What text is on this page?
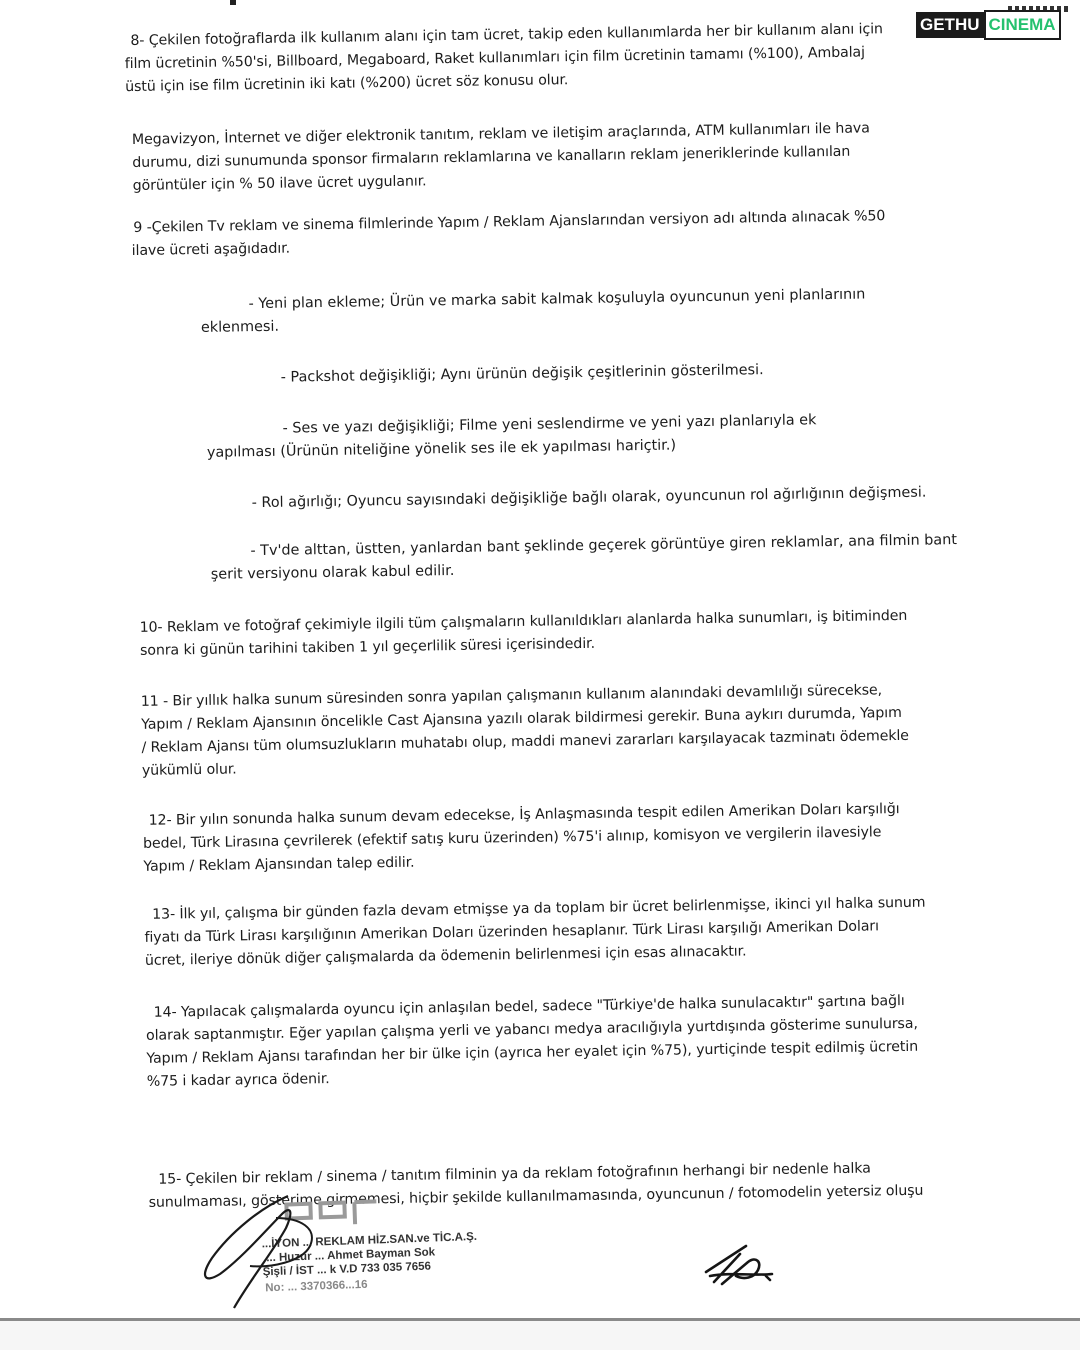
GETHU CINEMA
8- Çekilen fotoğraflarda ilk kullanım alanı için tam ücret, takip eden kullanımlarda her bir kullanım alanı için
film ücretinin %50'si, Billboard, Megaboard, Raket kullanımları için film ücretinin tamamı (%100), Ambalaj
üstü için ise film ücretinin iki katı (%200) ücret söz konusu olur.
Megavizyon, İnternet ve diğer elektronik tanıtım, reklam ve iletişim araçlarında, ATM kullanımları ile hava
durumu, dizi sunumunda sponsor firmaların reklamlarına ve kanalların reklam jeneriklerinde kullanılan
görüntüler için % 50 ilave ücret uygulanır.
9 -Çekilen Tv reklam ve sinema filmlerinde Yapım / Reklam Ajanslarından versiyon adı altında alınacak %50
ilave ücreti aşağıdadır.
- Yeni plan ekleme; Ürün ve marka sabit kalmak koşuluyla oyuncunun yeni planlarının
eklenmesi.
- Packshot değişikliği; Aynı ürünün değişik çeşitlerinin gösterilmesi.
- Ses ve yazı değişikliği; Filme yeni seslendirme ve yeni yazı planlarıyla ek
yapılması (Ürünün niteliğine yönelik ses ile ek yapılması hariçtir.)
- Rol ağırlığı; Oyuncu sayısındaki değişikliğe bağlı olarak, oyuncunun rol ağırlığının değişmesi.
- Tv'de alttan, üstten, yanlardan bant şeklinde geçerek görüntüye giren reklamlar, ana filmin bant
şerit versiyonu olarak kabul edilir.
10- Reklam ve fotoğraf çekimiyle ilgili tüm çalışmaların kullanıldıkları alanlarda halka sunumları, iş bitiminden
sonra ki günün tarihini takiben 1 yıl geçerlilik süresi içerisindedir.
11 - Bir yıllık halka sunum süresinden sonra yapılan çalışmanın kullanım alanındaki devamlılığı sürecekse,
Yapım / Reklam Ajansının öncelikle Cast Ajansına yazılı olarak bildirmesi gerekir. Buna aykırı durumda, Yapım
/ Reklam Ajansı tüm olumsuzlukların muhatabı olup, maddi manevi zararları karşılayacak tazminatı ödemekle
yükümlü olur.
12- Bir yılın sonunda halka sunum devam edecekse, İş Anlaşmasında tespit edilen Amerikan Doları karşılığı
bedel, Türk Lirasına çevrilerek (efektif satış kuru üzerinden) %75'i alınıp, komisyon ve vergilerin ilavesiyle
Yapım / Reklam Ajansından talep edilir.
13- İlk yıl, çalışma bir günden fazla devam etmişse ya da toplam bir ücret belirlenmişse, ikinci yıl halka sunum
fiyatı da Türk Lirası karşılığının Amerikan Doları üzerinden hesaplanır. Türk Lirası karşılığı Amerikan Doları
ücret, ileriye dönük diğer çalışmalarda da ödemenin belirlenmesi için esas alınacaktır.
14- Yapılacak çalışmalarda oyuncu için anlaşılan bedel, sadece "Türkiye'de halka sunulacaktır" şartına bağlı
olarak saptanmıştır. Eğer yapılan çalışma yerli ve yabancı medya aracılığıyla yurtdışında gösterime sunulursa,
Yapım / Reklam Ajansı tarafından her bir ülke için (ayrıca her eyalet için %75), yurtiçinde tespit edilmiş ücretin
%75 i kadar ayrıca ödenir.
15- Çekilen bir reklam / sinema / tanıtım filminin ya da reklam fotoğrafının herhangi bir nedenle halka
sunulmaması, gösterime girmemesi, hiçbir şekilde kullanılmamasında, oyuncunun / fotomodelin yetersiz oluşu
...İYON ... REKLAM HİZ.SAN.ve TİC.A.Ş.
... Huzur ... Ahmet Bayman Sok
Şişli / İST ... k V.D 733 035 7656
No: ... 3370366...16
